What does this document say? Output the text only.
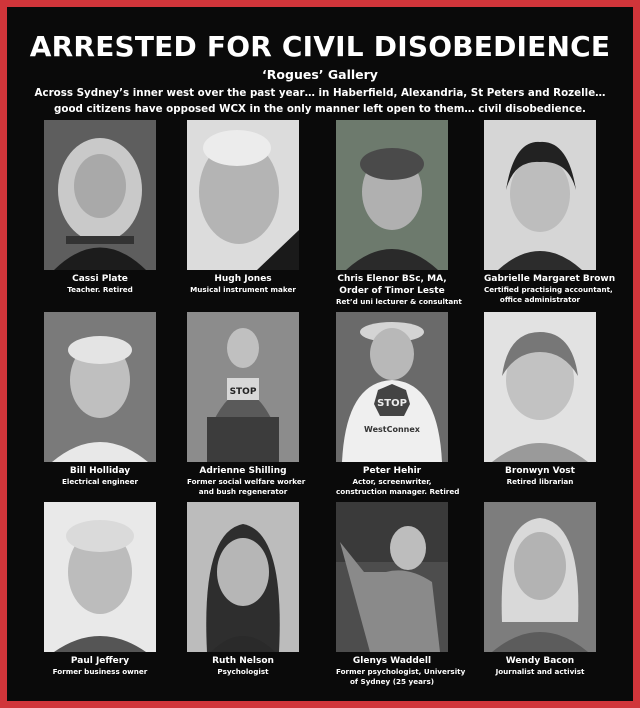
ARRESTED FOR CIVIL DISOBEDIENCE
‘Rogues’ Gallery
Across Sydney’s inner west over the past year… in Haberfield, Alexandria, St Peters and Rozelle…
good citizens have opposed WCX in the only manner left open to them… civil disobedience.
Cassi Plate
Teacher. Retired
Hugh Jones
Musical instrument maker
Chris Elenor BSc, MA,
Order of Timor Leste
Ret’d uni lecturer & consultant
Gabrielle Margaret Brown
Certified practising accountant,
office administrator
Bill Holliday
Electrical engineer
STOP
Adrienne Shilling
Former social welfare worker
and bush regenerator
STOP
WestConnex
Peter Hehir
Actor, screenwriter,
construction manager. Retired
Bronwyn Vost
Retired librarian
Paul Jeffery
Former business owner
Ruth Nelson
Psychologist
Glenys Waddell
Former psychologist, University
of Sydney (25 years)
Wendy Bacon
Journalist and activist
